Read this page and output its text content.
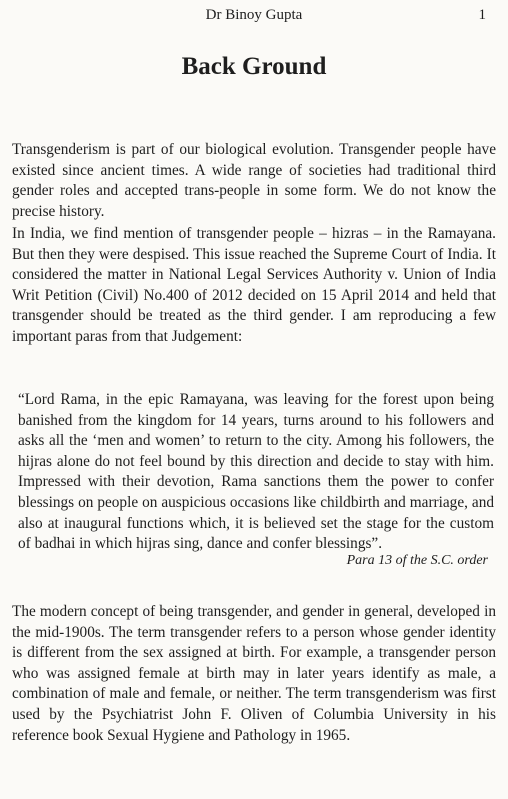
Dr Binoy Gupta	1
Back Ground

Transgenderism is part of our biological evolution. Transgender people have existed since ancient times. A wide range of societies had traditional third gender roles and accepted trans-people in some form. We do not know the precise history.

In India, we find mention of transgender people – hizras – in the Ramayana. But then they were despised. This issue reached the Supreme Court of India. It considered the matter in National Legal Services Authority v. Union of India Writ Petition (Civil) No.400 of 2012 decided on 15 April 2014 and held that transgender should be treated as the third gender. I am reproducing a few important paras from that Judgement:

“Lord Rama, in the epic Ramayana, was leaving for the forest upon being banished from the kingdom for 14 years, turns around to his followers and asks all the ‘men and women’ to return to the city. Among his followers, the hijras alone do not feel bound by this direction and decide to stay with him. Impressed with their devotion, Rama sanctions them the power to confer blessings on people on auspicious occasions like childbirth and marriage, and also at inaugural functions which, it is believed set the stage for the custom of badhai in which hijras sing, dance and confer blessings”.

Para 13 of the S.C. order

The modern concept of being transgender, and gender in general, developed in the mid-1900s. The term transgender refers to a person whose gender identity is different from the sex assigned at birth. For example, a transgender person who was assigned female at birth may in later years identify as male, a combination of male and female, or neither. The term transgenderism was first used by the Psychiatrist John F. Oliven of Columbia University in his reference book Sexual Hygiene and Pathology in 1965.
